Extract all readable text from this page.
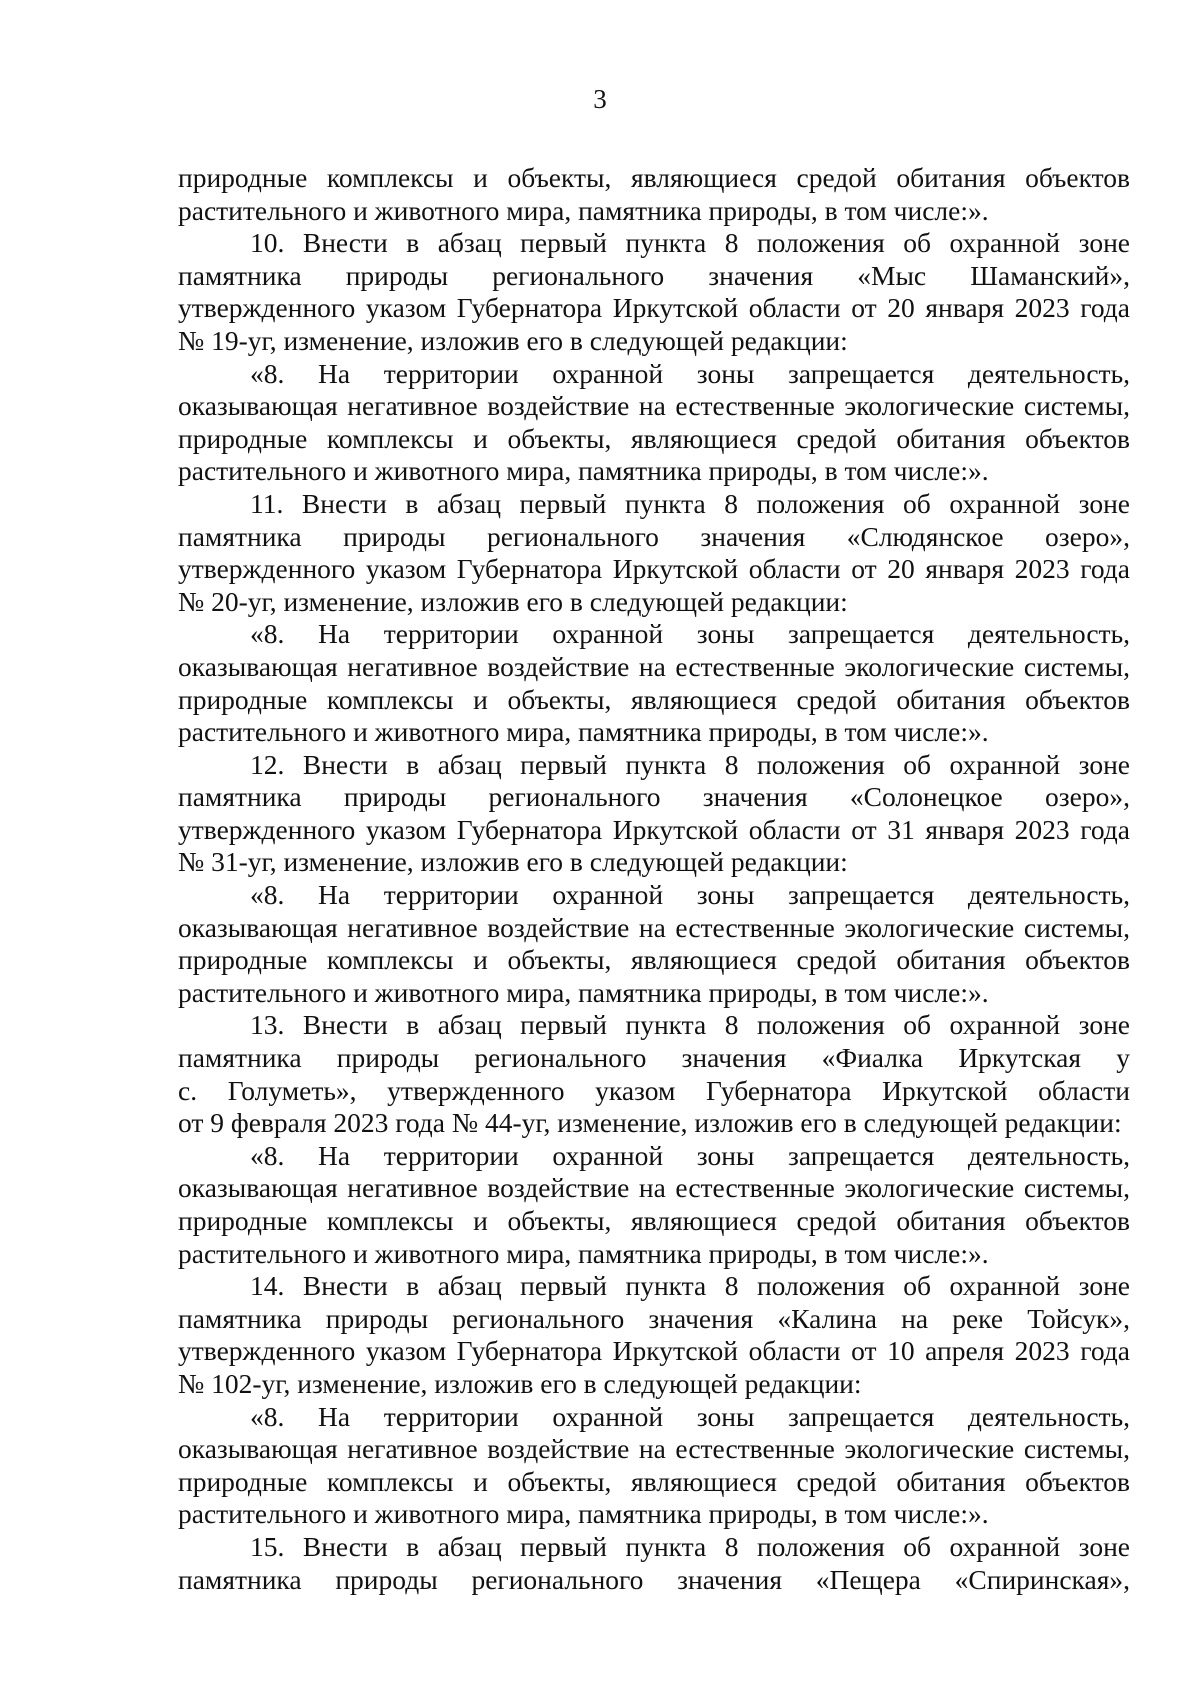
3
природные комплексы и объекты, являющиеся средой обитания объектов
растительного и животного мира, памятника природы, в том числе:».
10. Внести в абзац первый пункта 8 положения об охранной зоне
памятника природы регионального значения «Мыс Шаманский»,
утвержденного указом Губернатора Иркутской области от 20 января 2023 года
№ 19-уг, изменение, изложив его в следующей редакции:
«8. На территории охранной зоны запрещается деятельность,
оказывающая негативное воздействие на естественные экологические системы,
природные комплексы и объекты, являющиеся средой обитания объектов
растительного и животного мира, памятника природы, в том числе:».
11. Внести в абзац первый пункта 8 положения об охранной зоне
памятника природы регионального значения «Слюдянское озеро»,
утвержденного указом Губернатора Иркутской области от 20 января 2023 года
№ 20-уг, изменение, изложив его в следующей редакции:
«8. На территории охранной зоны запрещается деятельность,
оказывающая негативное воздействие на естественные экологические системы,
природные комплексы и объекты, являющиеся средой обитания объектов
растительного и животного мира, памятника природы, в том числе:».
12. Внести в абзац первый пункта 8 положения об охранной зоне
памятника природы регионального значения «Солонецкое озеро»,
утвержденного указом Губернатора Иркутской области от 31 января 2023 года
№ 31-уг, изменение, изложив его в следующей редакции:
«8. На территории охранной зоны запрещается деятельность,
оказывающая негативное воздействие на естественные экологические системы,
природные комплексы и объекты, являющиеся средой обитания объектов
растительного и животного мира, памятника природы, в том числе:».
13. Внести в абзац первый пункта 8 положения об охранной зоне
памятника природы регионального значения «Фиалка Иркутская у
с. Голуметь», утвержденного указом Губернатора Иркутской области
от 9 февраля 2023 года № 44-уг, изменение, изложив его в следующей редакции:
«8. На территории охранной зоны запрещается деятельность,
оказывающая негативное воздействие на естественные экологические системы,
природные комплексы и объекты, являющиеся средой обитания объектов
растительного и животного мира, памятника природы, в том числе:».
14. Внести в абзац первый пункта 8 положения об охранной зоне
памятника природы регионального значения «Калина на реке Тойсук»,
утвержденного указом Губернатора Иркутской области от 10 апреля 2023 года
№ 102-уг, изменение, изложив его в следующей редакции:
«8. На территории охранной зоны запрещается деятельность,
оказывающая негативное воздействие на естественные экологические системы,
природные комплексы и объекты, являющиеся средой обитания объектов
растительного и животного мира, памятника природы, в том числе:».
15. Внести в абзац первый пункта 8 положения об охранной зоне
памятника природы регионального значения «Пещера «Спиринская»,
